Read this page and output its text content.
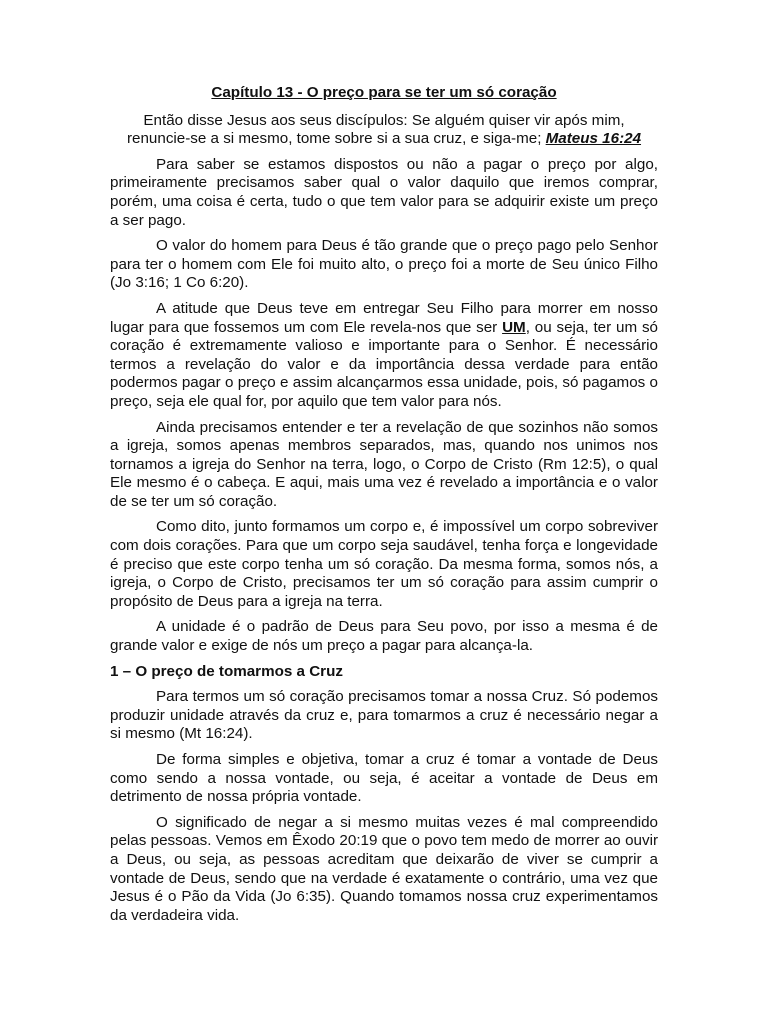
Capítulo 13 - O preço para se ter um só coração
Então disse Jesus aos seus discípulos: Se alguém quiser vir após mim,
renuncie-se a si mesmo, tome sobre si a sua cruz, e siga-me; Mateus 16:24

Para saber se estamos dispostos ou não a pagar o preço por algo, primeiramente precisamos saber qual o valor daquilo que iremos comprar, porém, uma coisa é certa, tudo o que tem valor para se adquirir existe um preço a ser pago.

O valor do homem para Deus é tão grande que o preço pago pelo Senhor para ter o homem com Ele foi muito alto, o preço foi a morte de Seu único Filho (Jo 3:16; 1 Co 6:20).

A atitude que Deus teve em entregar Seu Filho para morrer em nosso lugar para que fossemos um com Ele revela-nos que ser UM, ou seja, ter um só coração é extremamente valioso e importante para o Senhor. É necessário termos a revelação do valor e da importância dessa verdade para então podermos pagar o preço e assim alcançarmos essa unidade, pois, só pagamos o preço, seja ele qual for, por aquilo que tem valor para nós.

Ainda precisamos entender e ter a revelação de que sozinhos não somos a igreja, somos apenas membros separados, mas, quando nos unimos nos tornamos a igreja do Senhor na terra, logo, o Corpo de Cristo (Rm 12:5), o qual Ele mesmo é o cabeça. E aqui, mais uma vez é revelado a importância e o valor de se ter um só coração.

Como dito, junto formamos um corpo e, é impossível um corpo sobreviver com dois corações. Para que um corpo seja saudável, tenha força e longevidade é preciso que este corpo tenha um só coração. Da mesma forma, somos nós, a igreja, o Corpo de Cristo, precisamos ter um só coração para assim cumprir o propósito de Deus para a igreja na terra.

A unidade é o padrão de Deus para Seu povo, por isso a mesma é de grande valor e exige de nós um preço a pagar para alcança-la.

1 – O preço de tomarmos a Cruz

Para termos um só coração precisamos tomar a nossa Cruz. Só podemos produzir unidade através da cruz e, para tomarmos a cruz é necessário negar a si mesmo (Mt 16:24).

De forma simples e objetiva, tomar a cruz é tomar a vontade de Deus como sendo a nossa vontade, ou seja, é aceitar a vontade de Deus em detrimento de nossa própria vontade.

O significado de negar a si mesmo muitas vezes é mal compreendido pelas pessoas. Vemos em Êxodo 20:19 que o povo tem medo de morrer ao ouvir a Deus, ou seja, as pessoas acreditam que deixarão de viver se cumprir a vontade de Deus, sendo que na verdade é exatamente o contrário, uma vez que Jesus é o Pão da Vida (Jo 6:35). Quando tomamos nossa cruz experimentamos da verdadeira vida.
